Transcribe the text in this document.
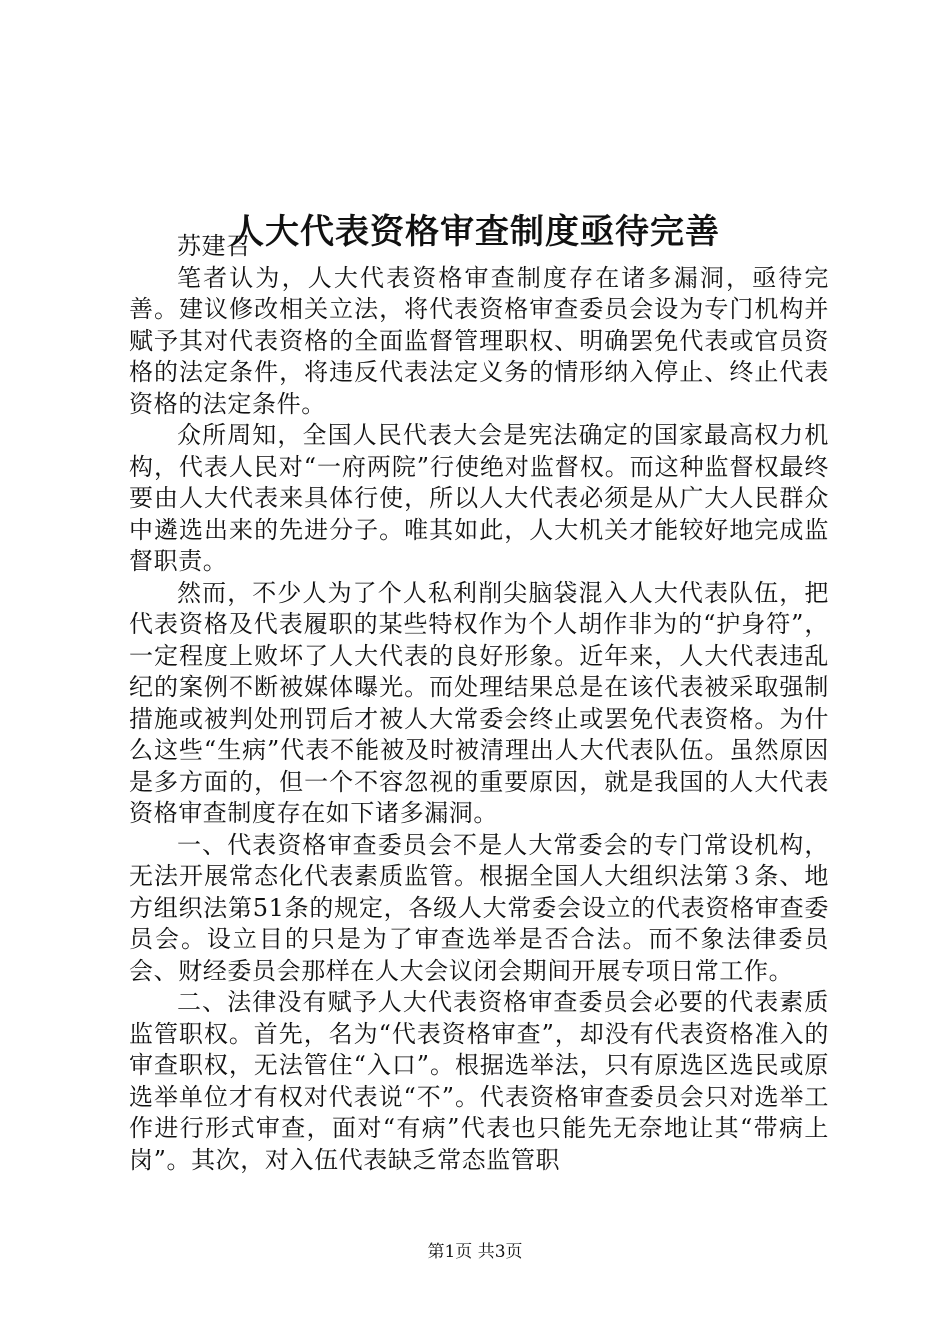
人大代表资格审查制度亟待完善

苏建召

笔者认为，人大代表资格审查制度存在诸多漏洞，亟待完善。建议修改相关立法，将代表资格审查委员会设为专门机构并赋予其对代表资格的全面监督管理职权、明确罢免代表或官员资格的法定条件，将违反代表法定义务的情形纳入停止、终止代表资格的法定条件。

众所周知，全国人民代表大会是宪法确定的国家最高权力机构，代表人民对“一府两院”行使绝对监督权。而这种监督权最终要由人大代表来具体行使，所以人大代表必须是从广大人民群众中遴选出来的先进分子。唯其如此，人大机关才能较好地完成监督职责。

然而，不少人为了个人私利削尖脑袋混入人大代表队伍，把代表资格及代表履职的某些特权作为个人胡作非为的“护身符”，一定程度上败坏了人大代表的良好形象。近年来，人大代表违乱纪的案例不断被媒体曝光。而处理结果总是在该代表被采取强制措施或被判处刑罚后才被人大常委会终止或罢免代表资格。为什么这些“生病”代表不能被及时被清理出人大代表队伍。虽然原因是多方面的，但一个不容忽视的重要原因，就是我国的人大代表资格审查制度存在如下诸多漏洞。

一、代表资格审查委员会不是人大常委会的专门常设机构，无法开展常态化代表素质监管。根据全国人大组织法第３条、地方组织法第51条的规定，各级人大常委会设立的代表资格审查委员会。设立目的只是为了审查选举是否合法。而不象法律委员会、财经委员会那样在人大会议闭会期间开展专项日常工作。

二、法律没有赋予人大代表资格审查委员会必要的代表素质监管职权。首先，名为“代表资格审查”，却没有代表资格准入的审查职权，无法管住“入口”。根据选举法，只有原选区选民或原选举单位才有权对代表说“不”。代表资格审查委员会只对选举工作进行形式审查，面对“有病”代表也只能先无奈地让其“带病上岗”。其次，对入伍代表缺乏常态监管职

第1页 共3页
